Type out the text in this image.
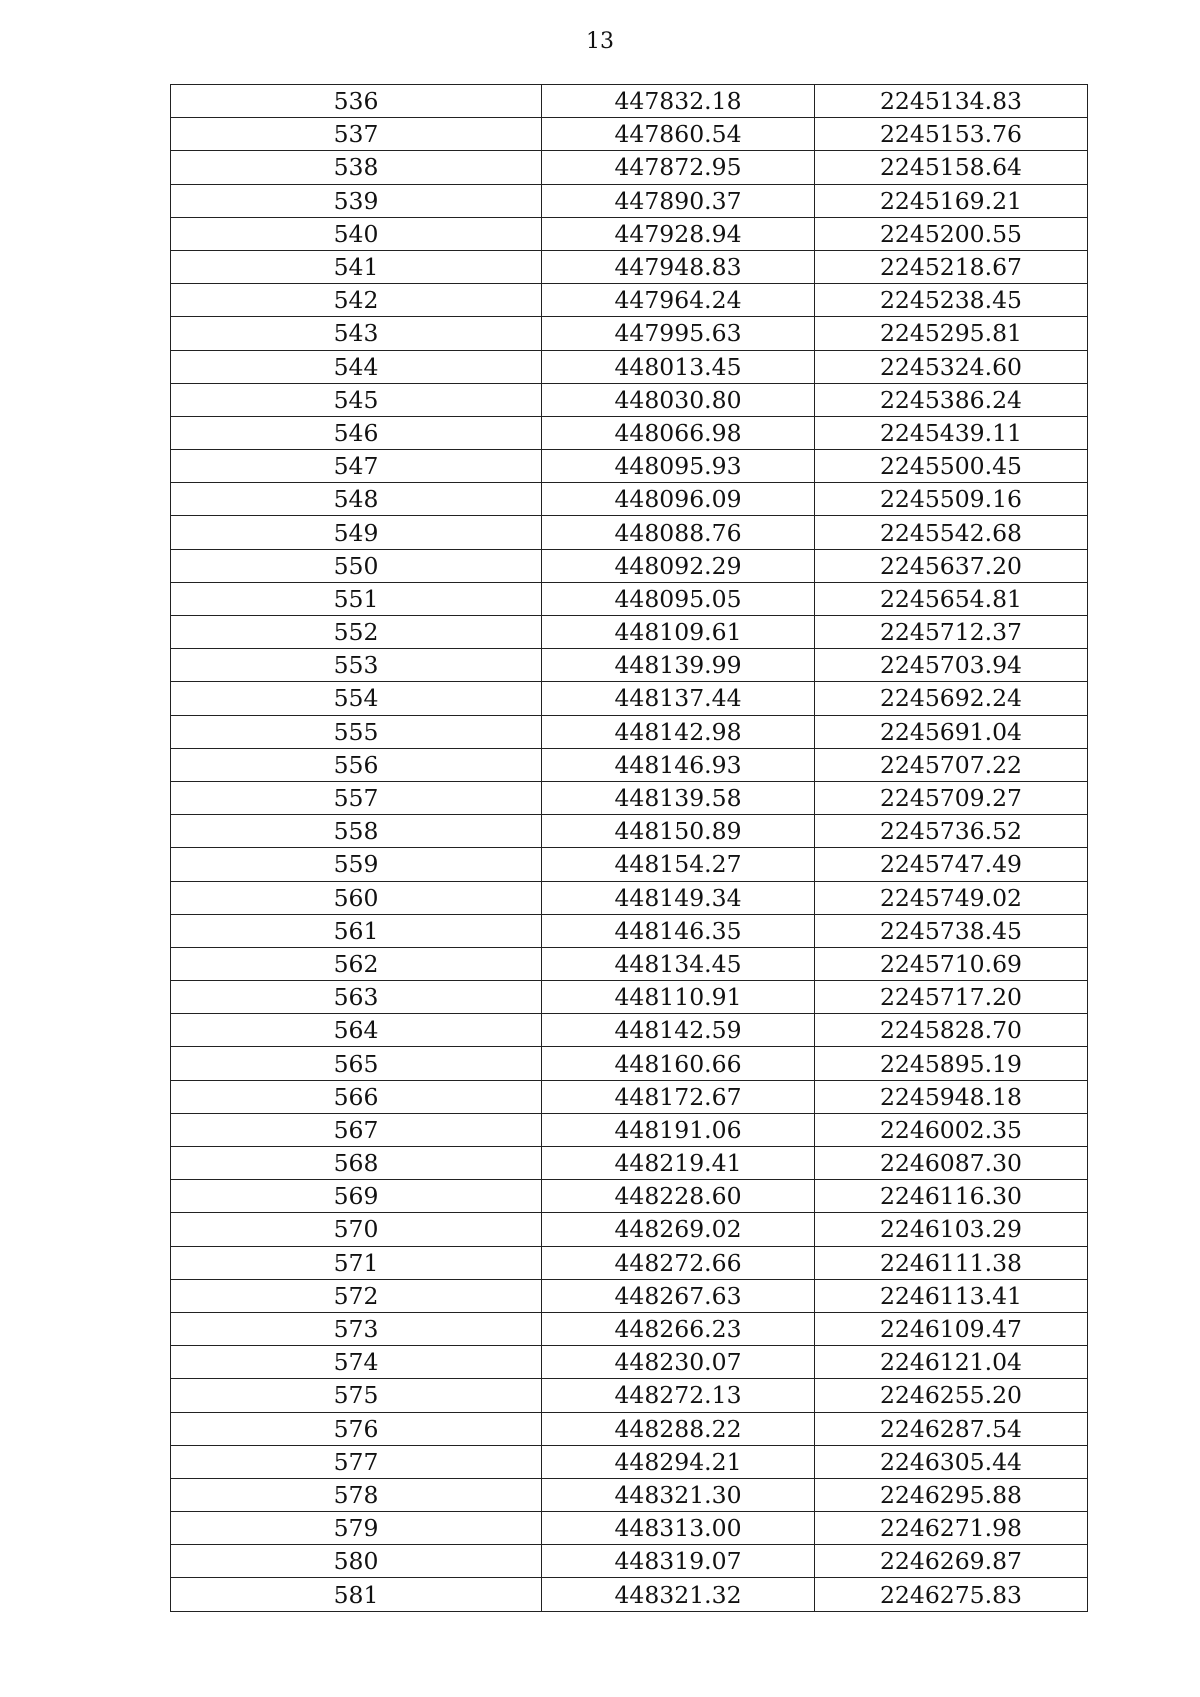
13
536	447832.18	2245134.83
537	447860.54	2245153.76
538	447872.95	2245158.64
539	447890.37	2245169.21
540	447928.94	2245200.55
541	447948.83	2245218.67
542	447964.24	2245238.45
543	447995.63	2245295.81
544	448013.45	2245324.60
545	448030.80	2245386.24
546	448066.98	2245439.11
547	448095.93	2245500.45
548	448096.09	2245509.16
549	448088.76	2245542.68
550	448092.29	2245637.20
551	448095.05	2245654.81
552	448109.61	2245712.37
553	448139.99	2245703.94
554	448137.44	2245692.24
555	448142.98	2245691.04
556	448146.93	2245707.22
557	448139.58	2245709.27
558	448150.89	2245736.52
559	448154.27	2245747.49
560	448149.34	2245749.02
561	448146.35	2245738.45
562	448134.45	2245710.69
563	448110.91	2245717.20
564	448142.59	2245828.70
565	448160.66	2245895.19
566	448172.67	2245948.18
567	448191.06	2246002.35
568	448219.41	2246087.30
569	448228.60	2246116.30
570	448269.02	2246103.29
571	448272.66	2246111.38
572	448267.63	2246113.41
573	448266.23	2246109.47
574	448230.07	2246121.04
575	448272.13	2246255.20
576	448288.22	2246287.54
577	448294.21	2246305.44
578	448321.30	2246295.88
579	448313.00	2246271.98
580	448319.07	2246269.87
581	448321.32	2246275.83
